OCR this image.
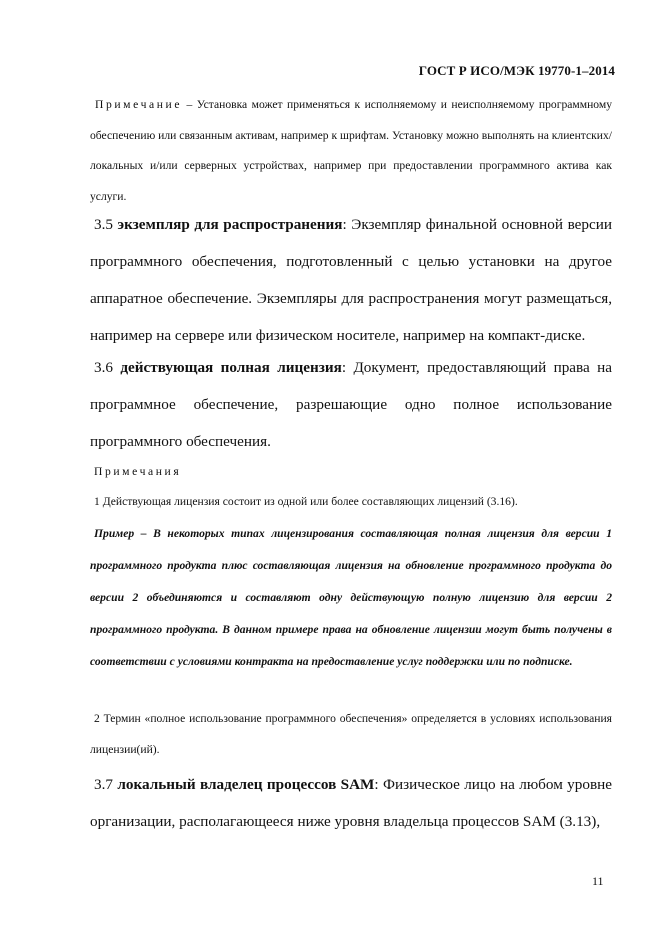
ГОСТ Р ИСО/МЭК 19770-1–2014
Примечание – Установка может применяться к исполняемому и неисполняемому программному обеспечению или связанным активам, например к шрифтам. Установку можно выполнять на клиентских/локальных и/или серверных устройствах, например при предоставлении программного актива как услуги.
3.5 экземпляр для распространения: Экземпляр финальной основной версии программного обеспечения, подготовленный с целью установки на другое аппаратное обеспечение. Экземпляры для распространения могут размещаться, например на сервере или физическом носителе, например на компакт-диске.
3.6 действующая полная лицензия: Документ, предоставляющий права на программное обеспечение, разрешающие одно полное использование программного обеспечения.
Примечания
1 Действующая лицензия состоит из одной или более составляющих лицензий (3.16).
Пример – В некоторых типах лицензирования составляющая полная лицензия для версии 1 программного продукта плюс составляющая лицензия на обновление программного продукта до версии 2 объединяются и составляют одну действующую полную лицензию для версии 2 программного продукта. В данном примере права на обновление лицензии могут быть получены в соответствии с условиями контракта на предоставление услуг поддержки или по подписке.
2 Термин «полное использование программного обеспечения» определяется в условиях использования лицензии(ий).
3.7 локальный владелец процессов SAM: Физическое лицо на любом уровне организации, располагающееся ниже уровня владельца процессов SAM (3.13),
11
